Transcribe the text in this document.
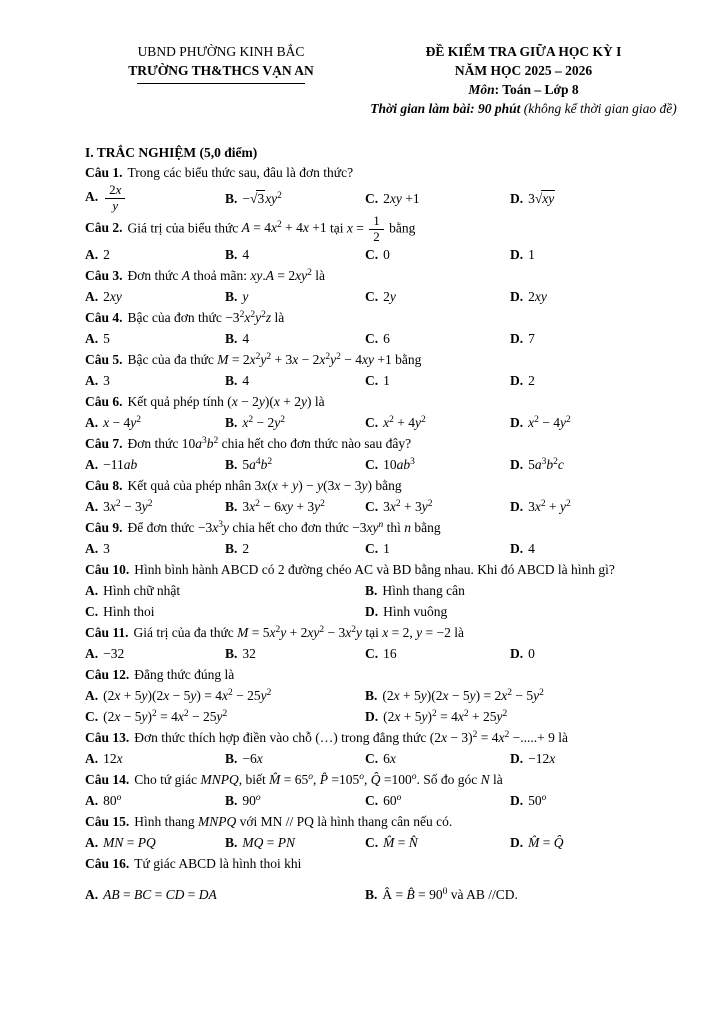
UBND PHƯỜNG KINH BẮC
TRƯỜNG TH&THCS VẠN AN
ĐỀ KIỂM TRA GIỮA HỌC KỲ I
NĂM HỌC 2025 – 2026
Môn: Toán – Lớp 8
Thời gian làm bài: 90 phút (không kể thời gian giao đề)
I. TRẮC NGHIỆM (5,0 điểm)
Câu 1. Trong các biểu thức sau, đâu là đơn thức?
A. $\frac{2x}{y}$	B. $-√3xy^2$	C. 2xy +1	D. 3√xy
Câu 2. Giá trị của biểu thức $A = 4x^2 + 4x +1$ tại $x = \frac{1}{2}$ bằng
A. 2	B. 4	C. 0	D. 1
Câu 3. Đơn thức A thoả mãn: $xy.A = 2xy^2$ là
A. 2xy	B. y	C. 2y	D. 2xy
Câu 4. Bậc của đơn thức $-3^2x^2y^2z$ là
A. 5	B. 4	C. 6	D. 7
Câu 5. Bậc của đa thức $M = 2x^2y^2 + 3x - 2x^2y^2 - 4xy +1$ bằng
A. 3	B. 4	C. 1	D. 2
Câu 6. Kết quả phép tính (x − 2y)(x + 2y) là
A. $x - 4y^2$	B. $x^2 - 2y^2$	C. $x^2 + 4y^2$	D. $x^2 - 4y^2$
Câu 7. Đơn thức $10a^3b^2$ chia hết cho đơn thức nào sau đây?
A. −11ab	B. $5a^4b^2$	C. $10ab^3$	D. $5a^3b^2c$
Câu 8. Kết quả của phép nhân 3x(x + y) − y(3x − 3y) bằng
A. $3x^2 - 3y^2$	B. $3x^2 - 6xy + 3y^2$	C. $3x^2 + 3y^2$	D. $3x^2 + y^2$
Câu 9. Để đơn thức $-3x^3y$ chia hết cho đơn thức $-3xy^n$ thì n bằng
A. 3	B. 2	C. 1	D. 4
Câu 10. Hình bình hành ABCD có 2 đường chéo AC và BD bằng nhau. Khi đó ABCD là hình gì?
A. Hình chữ nhật	B. Hình thang cân
C. Hình thoi	D. Hình vuông
Câu 11. Giá trị của đa thức $M = 5x^2y + 2xy^2 - 3x^2y$ tại x = 2, y = −2 là
A. −32	B. 32	C. 16	D. 0
Câu 12. Đẳng thức đúng là
A. $(2x + 5y)(2x - 5y) = 4x^2 - 25y^2$	B. $(2x + 5y)(2x - 5y) = 2x^2 - 5y^2$
C. $(2x - 5y)^2 = 4x^2 - 25y^2$	D. $(2x + 5y)^2 = 4x^2 + 25y^2$
Câu 13. Đơn thức thích hợp điền vào chỗ (…) trong đẳng thức $(2x - 3)^2 = 4x^2$ −.....+ 9 là
A. 12x	B. −6x	C. 6x	D. −12x
Câu 14. Cho tứ giác MNPQ, biết M̂ = $65^o$, P̂ $=105^o$, Q̂ $=100^o$. Số đo góc N là
A. 80$^o$	B. 90$^o$	C. 60$^o$	D. 50$^o$
Câu 15. Hình thang MNPQ với MN // PQ là hình thang cân nếu có.
A. MN = PQ	B. MQ = PN	C. M̂ = N̂	D. M̂ = Q̂
Câu 16. Tứ giác ABCD là hình thoi khi
A. AB = BC = CD = DA	B. Â = B̂ = $90^0$ và AB //CD.
